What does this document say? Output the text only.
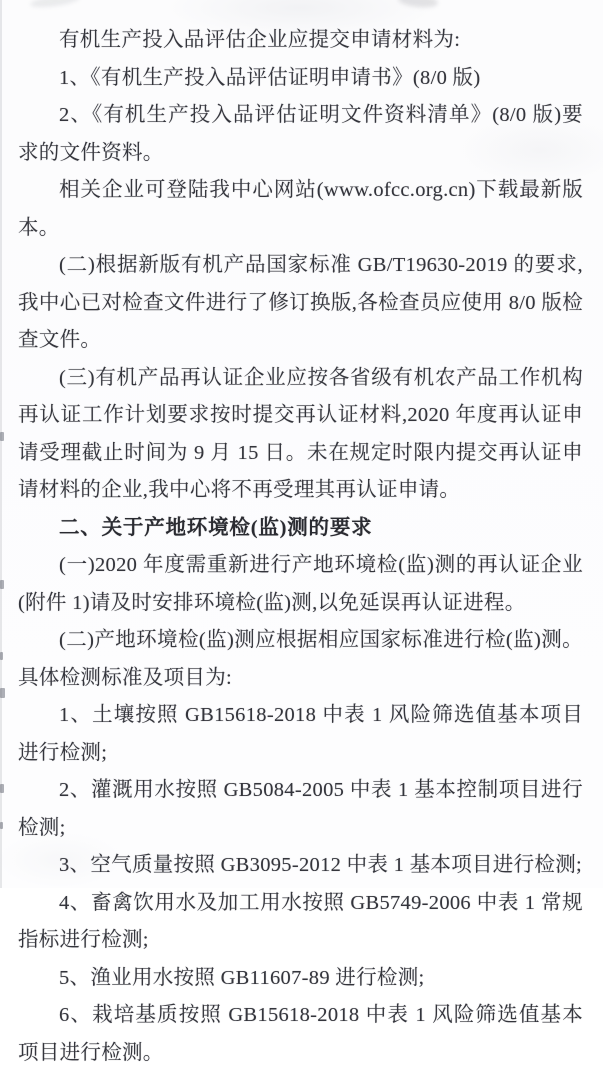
有机生产投入品评估企业应提交申请材料为:

1、《有机生产投入品评估证明申请书》(8/0 版)

2、《有机生产投入品评估证明文件资料清单》(8/0 版)要求的文件资料。

相关企业可登陆我中心网站(www.ofcc.org.cn)下载最新版本。

(二)根据新版有机产品国家标准 GB/T19630-2019 的要求,我中心已对检查文件进行了修订换版,各检查员应使用 8/0 版检查文件。

(三)有机产品再认证企业应按各省级有机农产品工作机构再认证工作计划要求按时提交再认证材料,2020 年度再认证申请受理截止时间为 9 月 15 日。未在规定时限内提交再认证申请材料的企业,我中心将不再受理其再认证申请。

二、关于产地环境检(监)测的要求

(一)2020 年度需重新进行产地环境检(监)测的再认证企业(附件 1)请及时安排环境检(监)测,以免延误再认证进程。

(二)产地环境检(监)测应根据相应国家标准进行检(监)测。具体检测标准及项目为:

1、土壤按照 GB15618-2018 中表 1 风险筛选值基本项目进行检测;

2、灌溉用水按照 GB5084-2005 中表 1 基本控制项目进行检测;

3、空气质量按照 GB3095-2012 中表 1 基本项目进行检测;

4、畜禽饮用水及加工用水按照 GB5749-2006 中表 1 常规指标进行检测;

5、渔业用水按照 GB11607-89 进行检测;

6、栽培基质按照 GB15618-2018 中表 1 风险筛选值基本项目进行检测。
